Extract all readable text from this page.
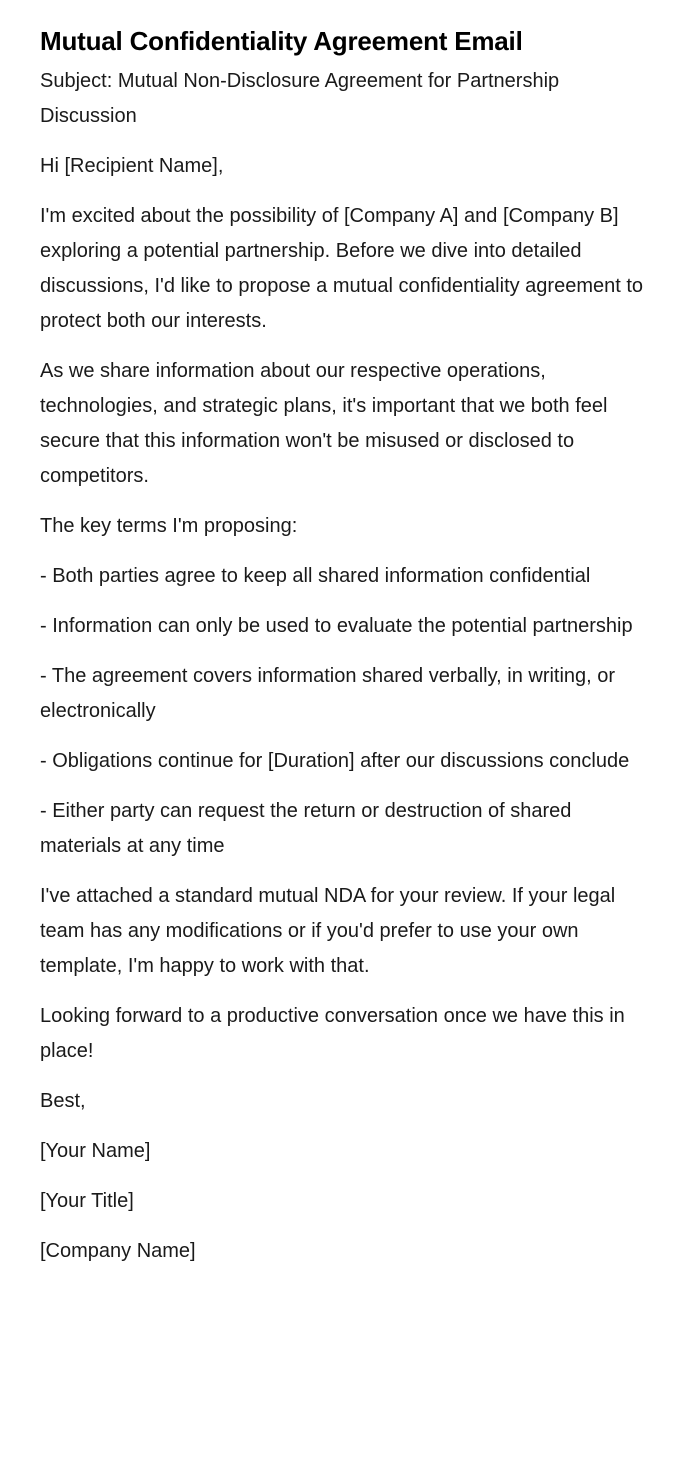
Mutual Confidentiality Agreement Email

Subject: Mutual Non-Disclosure Agreement for Partnership Discussion

Hi [Recipient Name],

I'm excited about the possibility of [Company A] and [Company B] exploring a potential partnership. Before we dive into detailed discussions, I'd like to propose a mutual confidentiality agreement to protect both our interests.

As we share information about our respective operations, technologies, and strategic plans, it's important that we both feel secure that this information won't be misused or disclosed to competitors.

The key terms I'm proposing:

- Both parties agree to keep all shared information confidential

- Information can only be used to evaluate the potential partnership

- The agreement covers information shared verbally, in writing, or electronically

- Obligations continue for [Duration] after our discussions conclude

- Either party can request the return or destruction of shared materials at any time

I've attached a standard mutual NDA for your review. If your legal team has any modifications or if you'd prefer to use your own template, I'm happy to work with that.

Looking forward to a productive conversation once we have this in place!

Best,

[Your Name]

[Your Title]

[Company Name]
